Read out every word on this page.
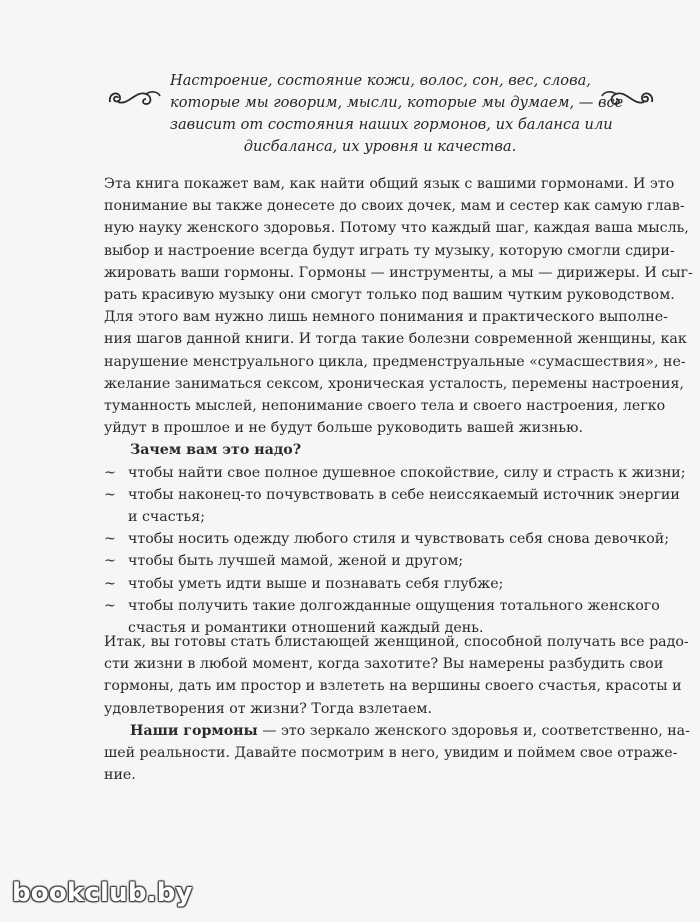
Настроение, состояние кожи, волос, сон, вес, слова,
которые мы говорим, мысли, которые мы думаем, — все
зависит от состояния наших гормонов, их баланса или
дисбаланса, их уровня и качества.
Эта книга покажет вам, как найти общий язык с вашими гормонами. И это
понимание вы также донесете до своих дочек, мам и сестер как самую глав-
ную науку женского здоровья. Потому что каждый шаг, каждая ваша мысль,
выбор и настроение всегда будут играть ту музыку, которую смогли сдири-
жировать ваши гормоны. Гормоны — инструменты, а мы — дирижеры. И сыг-
рать красивую музыку они смогут только под вашим чутким руководством.
Для этого вам нужно лишь немного понимания и практического выполне-
ния шагов данной книги. И тогда такие болезни современной женщины, как
нарушение менструального цикла, предменструальные «сумасшествия», не-
желание заниматься сексом, хроническая усталость, перемены настроения,
туманность мыслей, непонимание своего тела и своего настроения, легко
уйдут в прошлое и не будут больше руководить вашей жизнью.
Зачем вам это надо?
~ чтобы найти свое полное душевное спокойствие, силу и страсть к жизни;
~ чтобы наконец-то почувствовать в себе неиссякаемый источник энергии
и счастья;
~ чтобы носить одежду любого стиля и чувствовать себя снова девочкой;
~ чтобы быть лучшей мамой, женой и другом;
~ чтобы уметь идти выше и познавать себя глубже;
~ чтобы получить такие долгожданные ощущения тотального женского
счастья и романтики отношений каждый день.
Итак, вы готовы стать блистающей женщиной, способной получать все радо-
сти жизни в любой момент, когда захотите? Вы намерены разбудить свои
гормоны, дать им простор и взлететь на вершины своего счастья, красоты и
удовлетворения от жизни? Тогда взлетаем.
Наши гормоны — это зеркало женского здоровья и, соответственно, на-
шей реальности. Давайте посмотрим в него, увидим и поймем свое отраже-
ние.
bookclub.by
